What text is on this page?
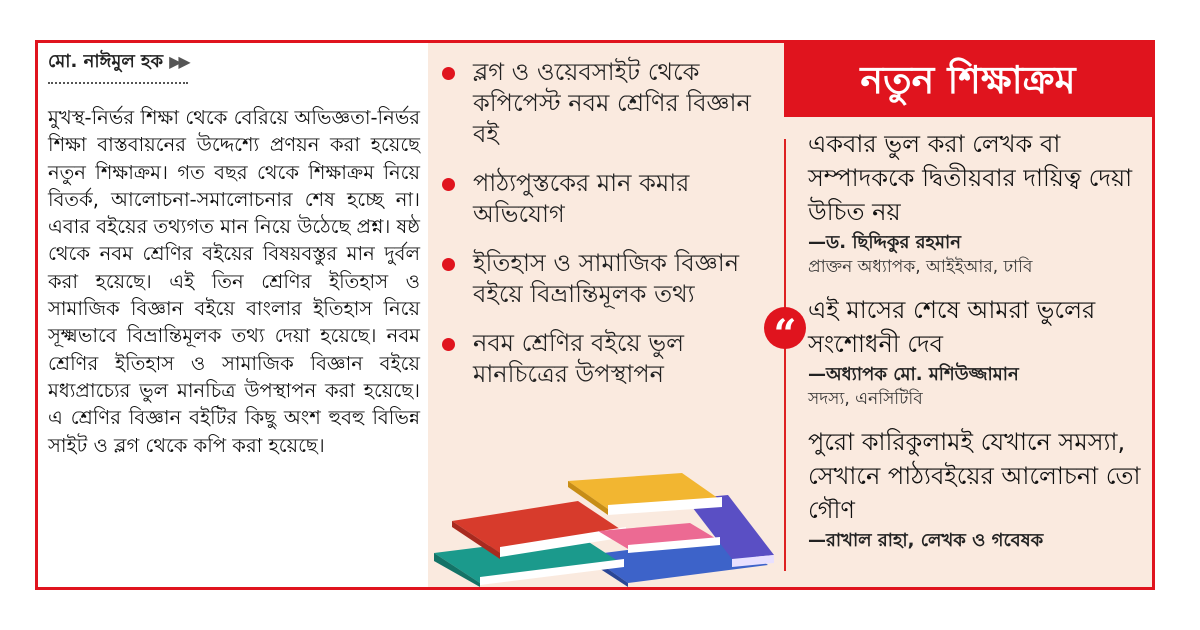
মো. নাঈমুল হক ▶▶
মুখস্থ-নির্ভর শিক্ষা থেকে বেরিয়ে অভিজ্ঞতা-নির্ভর শিক্ষা বাস্তবায়নের উদ্দেশ্যে প্রণয়ন করা হয়েছে নতুন শিক্ষাক্রম। গত বছর থেকে শিক্ষাক্রম নিয়ে বিতর্ক, আলোচনা-সমালোচনার শেষ হচ্ছে না। এবার বইয়ের তথ্যগত মান নিয়ে উঠেছে প্রশ্ন। ষষ্ঠ থেকে নবম শ্রেণির বইয়ের বিষয়বস্তুর মান দুর্বল করা হয়েছে। এই তিন শ্রেণির ইতিহাস ও সামাজিক বিজ্ঞান বইয়ে বাংলার ইতিহাস নিয়ে সূক্ষ্মভাবে বিভ্রান্তিমূলক তথ্য দেয়া হয়েছে। নবম শ্রেণির ইতিহাস ও সামাজিক বিজ্ঞান বইয়ে মধ্যপ্রাচ্যের ভুল মানচিত্র উপস্থাপন করা হয়েছে। এ শ্রেণির বিজ্ঞান বইটির কিছু অংশ হুবহু বিভিন্ন সাইট ও ব্লগ থেকে কপি করা হয়েছে।
ব্লগ ও ওয়েবসাইট থেকে কপিপেস্ট নবম শ্রেণির বিজ্ঞান বই
পাঠ্যপুস্তকের মান কমার অভিযোগ
ইতিহাস ও সামাজিক বিজ্ঞান বইয়ে বিভ্রান্তিমূলক তথ্য
নবম শ্রেণির বইয়ে ভুল মানচিত্রের উপস্থাপন
নতুন শিক্ষাক্রম
“
একবার ভুল করা লেখক বা সম্পাদককে দ্বিতীয়বার দায়িত্ব দেয়া উচিত নয়
—ড. ছিদ্দিকুর রহমান
প্রাক্তন অধ্যাপক, আইইআর, ঢাবি
এই মাসের শেষে আমরা ভুলের সংশোধনী দেব
—অধ্যাপক মো. মশিউজ্জামান
সদস্য, এনসিটিবি
পুরো কারিকুলামই যেখানে সমস্যা, সেখানে পাঠ্যবইয়ের আলোচনা তো গৌণ
—রাখাল রাহা, লেখক ও গবেষক
